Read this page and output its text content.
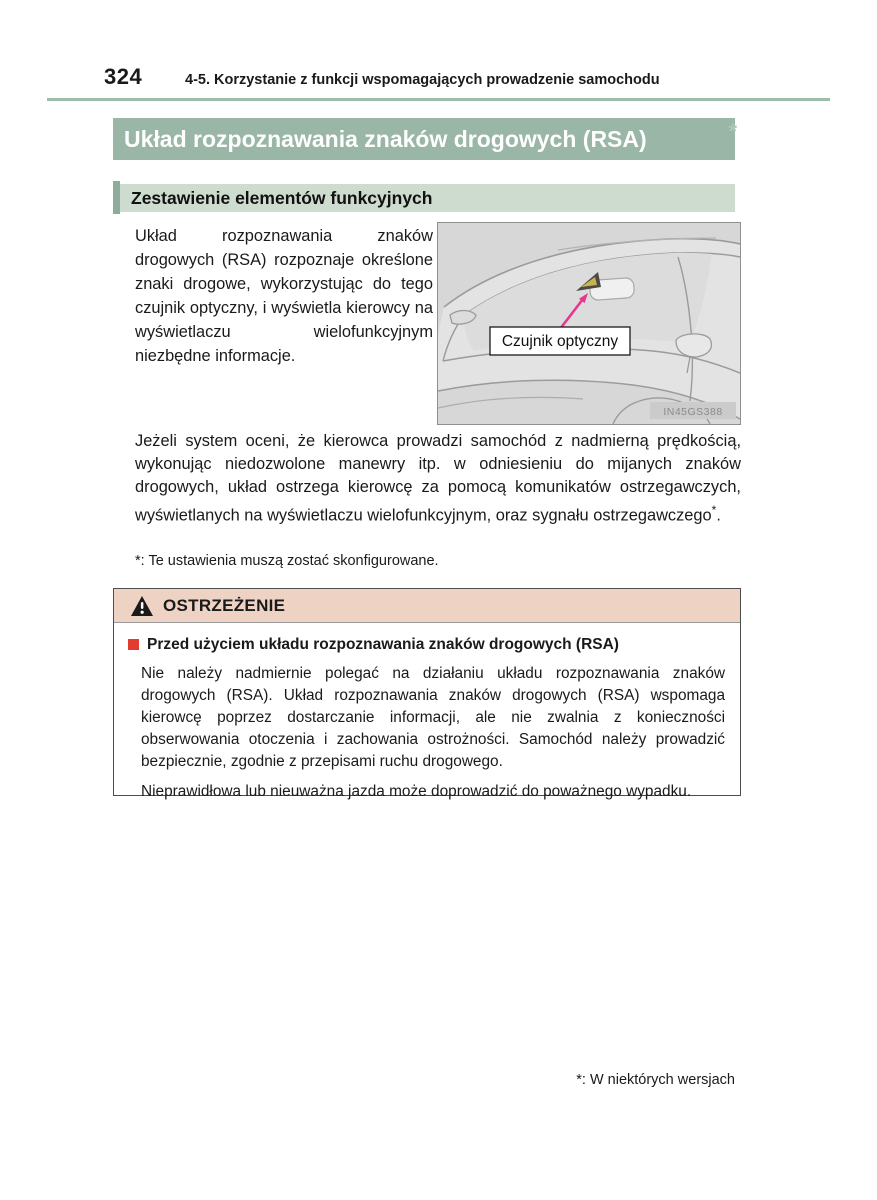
324	4-5. Korzystanie z funkcji wspomagających prowadzenie samochodu
Układ rozpoznawania znaków drogowych (RSA)	*
Zestawienie elementów funkcyjnych
Układ rozpoznawania znaków drogowych (RSA) rozpoznaje określone znaki drogowe, wykorzystując do tego czujnik optyczny, i wyświetla kierowcy na wyświetlaczu wielofunkcyjnym niezbędne informacje.
Czujnik optyczny
IN45GS388
Jeżeli system oceni, że kierowca prowadzi samochód z nadmierną prędkością, wykonując niedozwolone manewry itp. w odniesieniu do mijanych znaków drogowych, układ ostrzega kierowcę za pomocą komunikatów ostrzegawczych, wyświetlanych na wyświetlaczu wielofunkcyjnym, oraz sygnału ostrzegawczego*.
*: Te ustawienia muszą zostać skonfigurowane.
OSTRZEŻENIE
Przed użyciem układu rozpoznawania znaków drogowych (RSA)

Nie należy nadmiernie polegać na działaniu układu rozpoznawania znaków drogowych (RSA). Układ rozpoznawania znaków drogowych (RSA) wspomaga kierowcę poprzez dostarczanie informacji, ale nie zwalnia z konieczności obserwowania otoczenia i zachowania ostrożności. Samochód należy prowadzić bezpiecznie, zgodnie z przepisami ruchu drogowego.

Nieprawidłowa lub nieuważna jazda może doprowadzić do poważnego wypadku.

*: W niektórych wersjach
